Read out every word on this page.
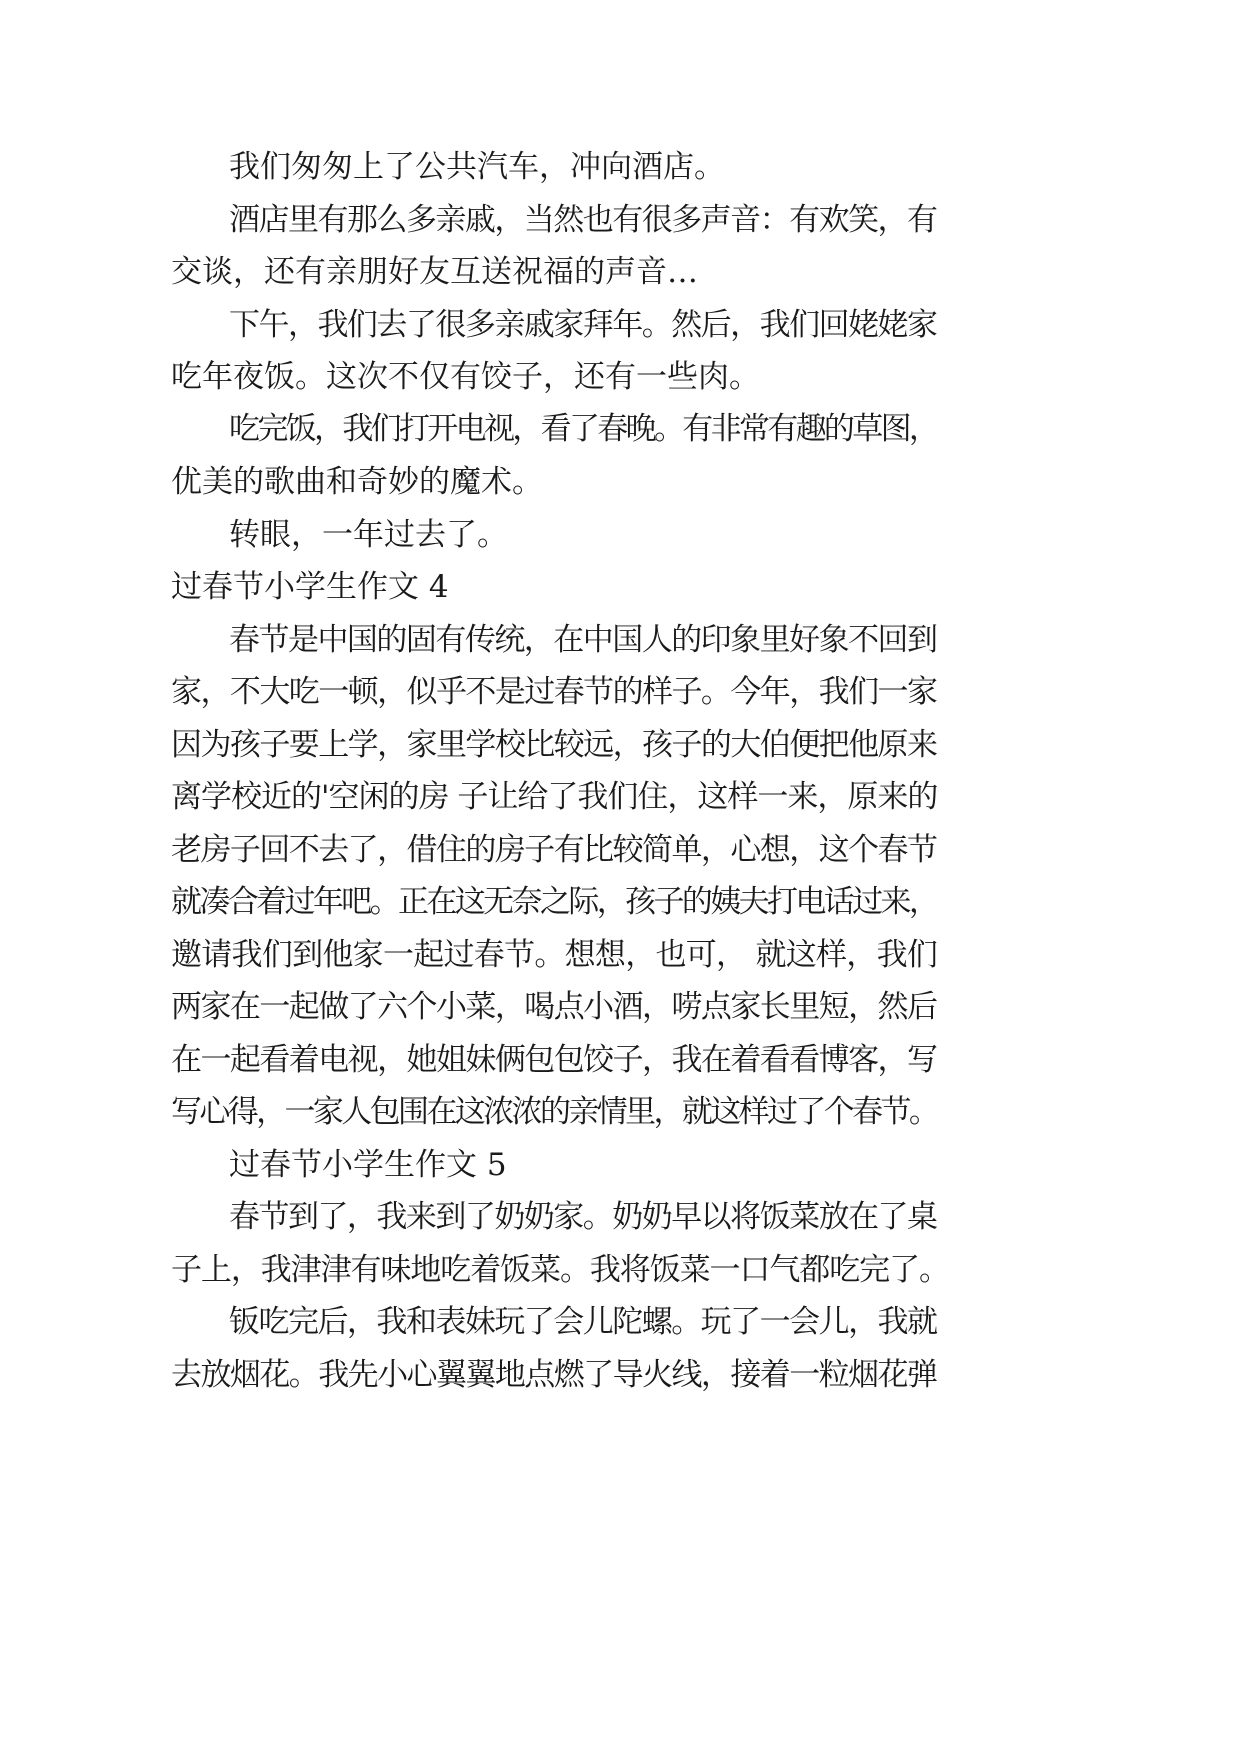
我们匆匆上了公共汽车，冲向酒店。
酒店里有那么多亲戚，当然也有很多声音：有欢笑，有
交谈，还有亲朋好友互送祝福的声音…
下午，我们去了很多亲戚家拜年。然后，我们回姥姥家
吃年夜饭。这次不仅有饺子，还有一些肉。
吃完饭，我们打开电视，看了春晚。有非常有趣的草图，
优美的歌曲和奇妙的魔术。
转眼，一年过去了。
过春节小学生作文 4
春节是中国的固有传统，在中国人的印象里好象不回到
家，不大吃一顿，似乎不是过春节的样子。今年，我们一家
因为孩子要上学，家里学校比较远，孩子的大伯便把他原来
离学校近的'空闲的房 子让给了我们住，这样一来，原来的
老房子回不去了，借住的房子有比较简单，心想，这个春节
就凑合着过年吧。正在这无奈之际，孩子的姨夫打电话过来，
邀请我们到他家一起过春节。想想，也可， 就这样，我们
两家在一起做了六个小菜，喝点小酒，唠点家长里短，然后
在一起看着电视，她姐妹俩包包饺子，我在着看看博客，写
写心得，一家人包围在这浓浓的亲情里，就这样过了个春节。
过春节小学生作文 5
春节到了，我来到了奶奶家。奶奶早以将饭菜放在了桌
子上，我津津有味地吃着饭菜。我将饭菜一口气都吃完了。
钣吃完后，我和表妹玩了会儿陀螺。玩了一会儿，我就
去放烟花。我先小心翼翼地点燃了导火线，接着一粒烟花弹
